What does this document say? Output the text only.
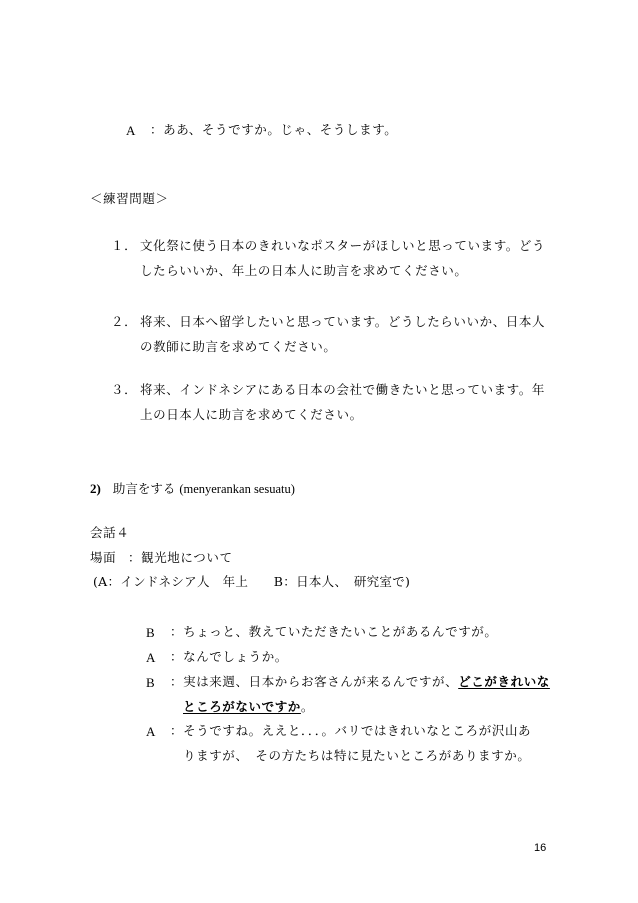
A ：ああ、そうですか。じゃ、そうします。
＜練習問題＞
１． 文化祭に使う日本のきれいなポスターがほしいと思っています。どう
したらいいか、年上の日本人に助言を求めてください。
２． 将来、日本へ留学したいと思っています。どうしたらいいか、日本人
の教師に助言を求めてください。
３． 将来、インドネシアにある日本の会社で働きたいと思っています。年
上の日本人に助言を求めてください。
2) 助言をする (menyerankan sesuatu)
会話４
場面 ：観光地について
(A：インドネシア人　年上　　B：日本人、　研究室で)
B ：ちょっと、教えていただきたいことがあるんですが。
A ：なんでしょうか。
B ：実は来週、日本からお客さんが来るんですが、どこがきれいな
ところがないですか。
A ：そうですね。ええと．．．。バリではきれいなところが沢山あ
りますが、　その方たちは特に見たいところがありますか。
16
